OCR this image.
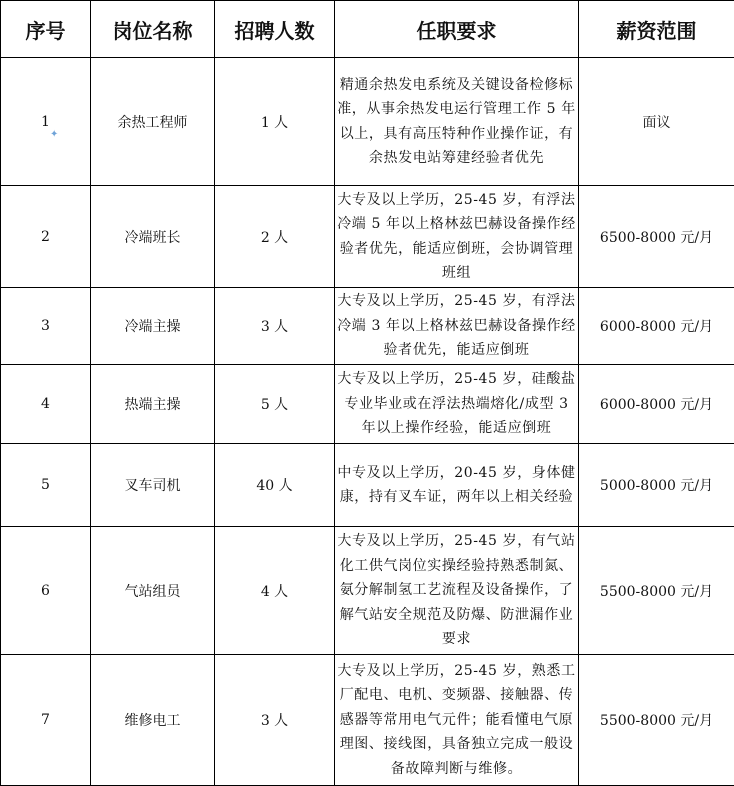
序号	岗位名称	招聘人数	任职要求	薪资范围
1	余热工程师	1 人	精通余热发电系统及关键设备检修标准，从事余热发电运行管理工作 5 年以上，具有高压特种作业操作证，有余热发电站筹建经验者优先	面议
2	冷端班长	2 人	大专及以上学历，25-45 岁，有浮法冷端 5 年以上格林兹巴赫设备操作经验者优先，能适应倒班，会协调管理班组	6500-8000 元/月
3	冷端主操	3 人	大专及以上学历，25-45 岁，有浮法冷端 3 年以上格林兹巴赫设备操作经验者优先，能适应倒班	6000-8000 元/月
4	热端主操	5 人	大专及以上学历，25-45 岁，硅酸盐专业毕业或在浮法热端熔化/成型 3 年以上操作经验，能适应倒班	6000-8000 元/月
5	叉车司机	40 人	中专及以上学历，20-45 岁，身体健康，持有叉车证，两年以上相关经验	5000-8000 元/月
6	气站组员	4 人	大专及以上学历，25-45 岁，有气站化工供气岗位实操经验持熟悉制氮、氨分解制氢工艺流程及设备操作，了解气站安全规范及防爆、防泄漏作业要求	5500-8000 元/月
7	维修电工	3 人	大专及以上学历，25-45 岁，熟悉工厂配电、电机、变频器、接触器、传感器等常用电气元件；能看懂电气原理图、接线图，具备独立完成一般设备故障判断与维修。	5500-8000 元/月
✦
